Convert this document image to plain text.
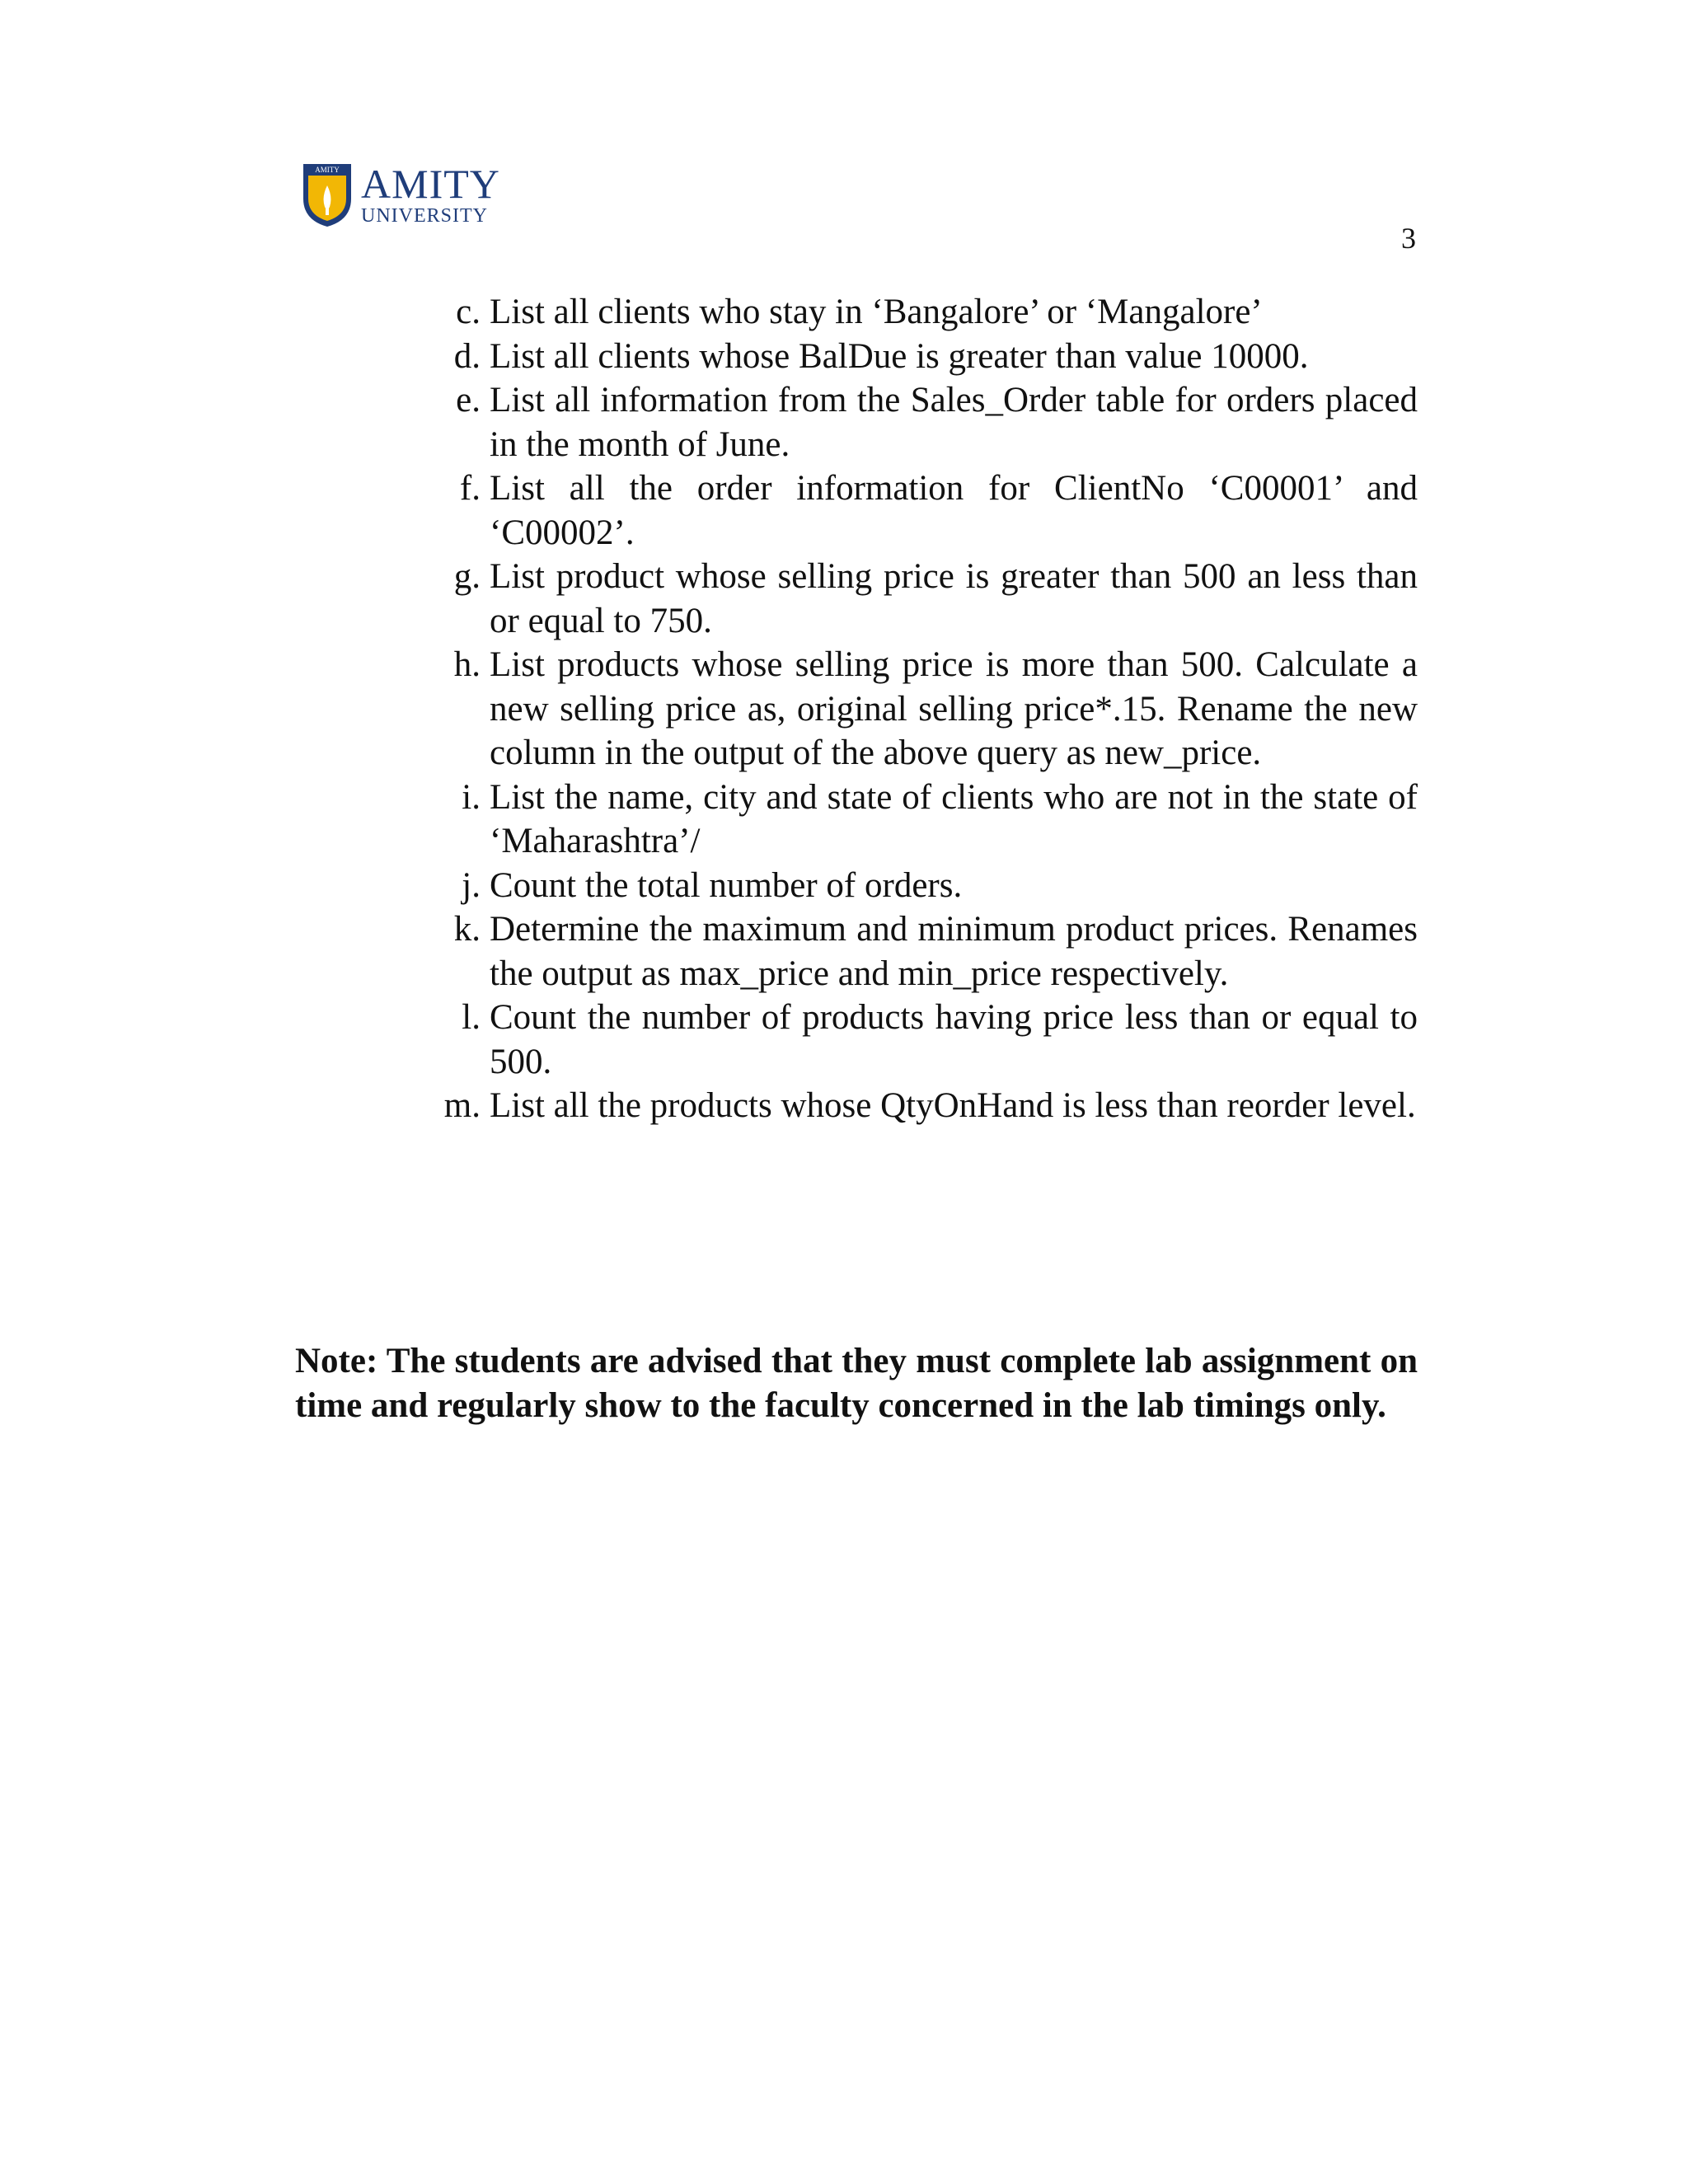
AMITY AMITY
UNIVERSITY
3
c. List all clients who stay in ‘Bangalore’ or ‘Mangalore’
d. List all clients whose BalDue is greater than value 10000.
e. List all information from the Sales_Order table for orders placed in the month of June.
f. List all the order information for ClientNo ‘C00001’ and ‘C00002’.
g. List product whose selling price is greater than 500 an less than or equal to 750.
h. List products whose selling price is more than 500. Calculate a new selling price as, original selling price*.15. Rename the new column in the output of the above query as new_price.
i. List the name, city and state of clients who are not in the state of ‘Maharashtra’/
j. Count the total number of orders.
k. Determine the maximum and minimum product prices. Renames the output as max_price and min_price respectively.
l. Count the number of products having price less than or equal to 500.
m. List all the products whose QtyOnHand is less than reorder level.

Note: The students are advised that they must complete lab assignment on time and regularly show to the faculty concerned in the lab timings only.
